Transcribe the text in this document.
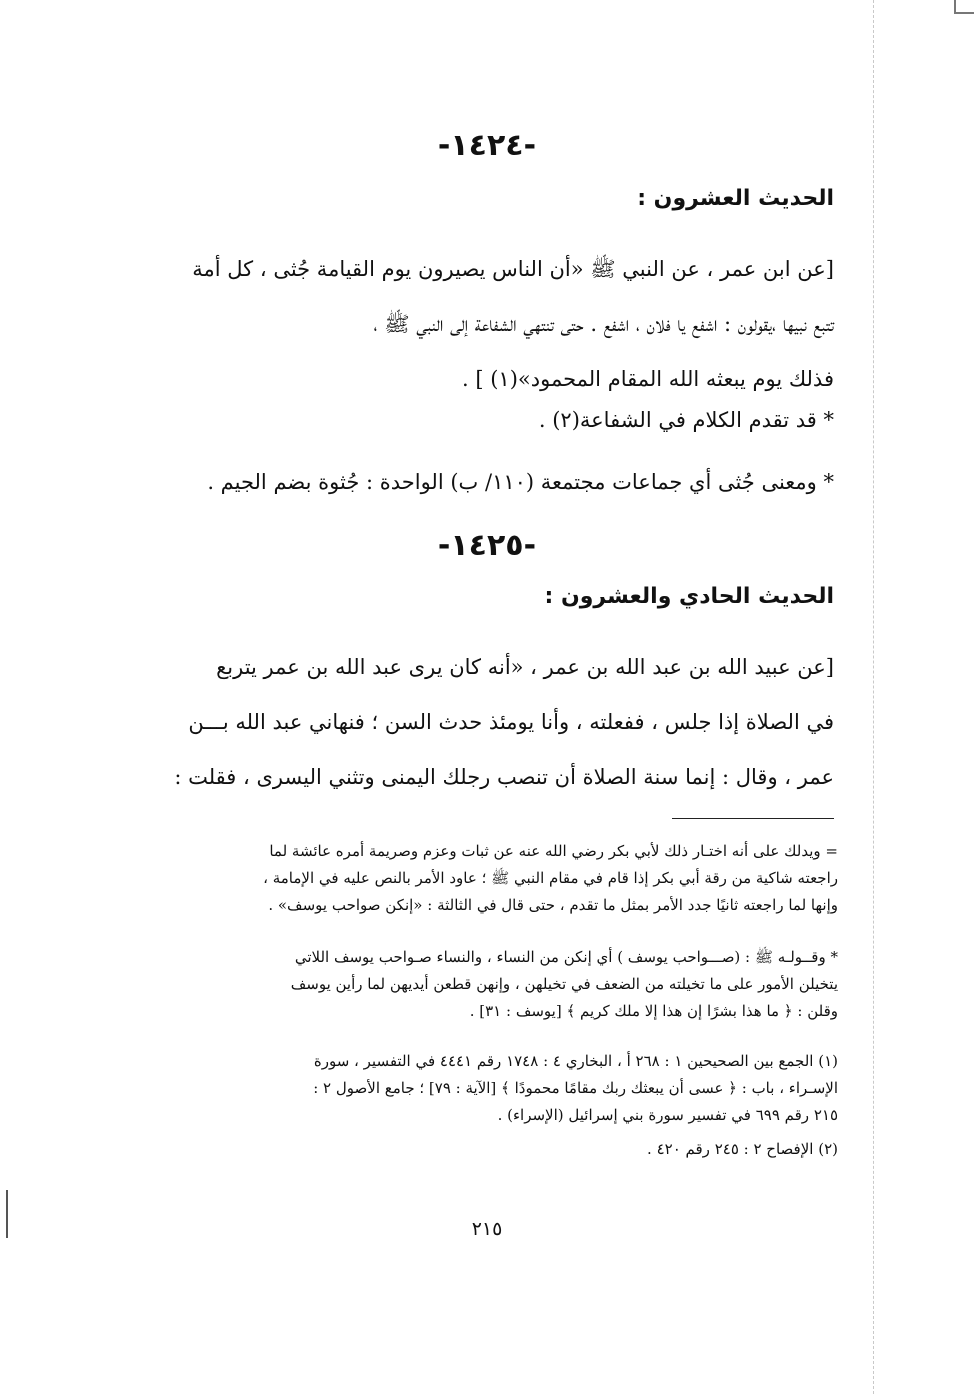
-١٤٢٤-
الحديث العشرون :
[عن ابن عمر ، عن النبي ﷺ «أن الناس يصيرون يوم القيامة جُثى ، كل أمة
تتبع نبيها ،يقولون : اشفع يا فلان ، اشفع . حتى تنتهي الشفاعة إلى النبي ﷺ ،
فذلك يوم يبعثه الله المقام المحمود»(١) ] .
* قد تقدم الكلام في الشفاعة(٢) .
* ومعنى جُثى أي جماعات مجتمعة (١١٠/ ب) الواحدة : جُثوة بضم الجيم .
-١٤٢٥-
الحديث الحادي والعشرون :
[عن عبيد الله بن عبد الله بن عمر ، «أنه كان يرى عبد الله بن عمر يتربع
في الصلاة إذا جلس ، ففعلته ، وأنا يومئذ حدث السن ؛ فنهاني عبد الله بـــن
عمر ، وقال : إنما سنة الصلاة أن تنصب رجلك اليمنى وتثني اليسرى ، فقلت :
= ويدلك على أنه اختـار ذلك لأبي بكر رضي الله عنه عن ثبات وعزم وصريمة أمره عائشة لما
راجعته شاكية من رقة أبي بكر إذا قام في مقام النبي ﷺ ؛ عاود الأمر بالنص عليه في الإمامة ،
وإنها لما راجعته ثانيًا جدد الأمر بمثل ما تقدم ، حتى قال في الثالثة : «إنكن صواحب يوسف» .
* وقــولـه ﷺ : (صـــواحب يوسف ) أي إنكن من النساء ، والنساء صـواحب يوسف اللاتي
يتخيلن الأمور على ما تخيلته من الضعف في تخيلهن ، وإنهن قطعن أيديهن لما رأين يوسف
وقلن : ﴿ ما هذا بشرًا إن هذا إلا ملك كريم ﴾ [يوسف : ٣١] .
(١) الجمع بين الصحيحين ١ : ٢٦٨ أ ، البخاري ٤ : ١٧٤٨ رقم ٤٤٤١ في التفسير ، سورة
الإسـراء ، باب : ﴿ عسى أن يبعثك ربك مقامًا محمودًا ﴾ [الآية : ٧٩] ؛ جامع الأصول ٢ :
٢١٥ رقم ٦٩٩ في تفسير سورة بني إسرائيل (الإسراء) .
(٢) الإفصاح ٢ : ٢٤٥ رقم ٤٢٠ .
٢١٥
